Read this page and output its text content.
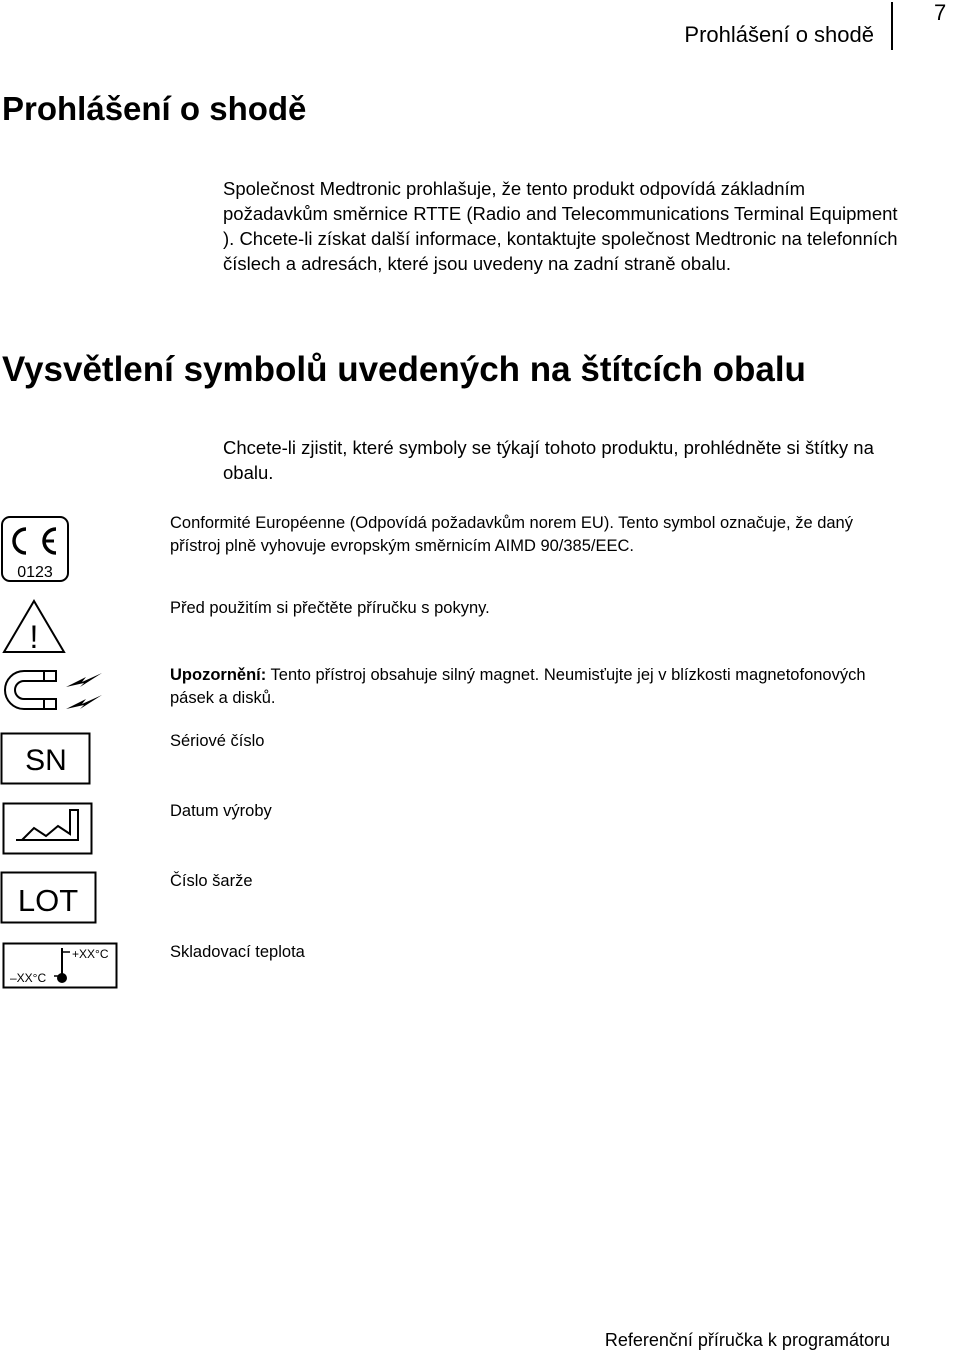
Prohlášení o shodě
7
Prohlášení o shodě
Společnost Medtronic prohlašuje, že tento produkt odpovídá základním požadavkům směrnice RTTE (Radio and Telecommunications Terminal Equipment ). Chcete-li získat další informace, kontaktujte společnost Medtronic na telefonních číslech a adresách, které jsou uvedeny na zadní straně obalu.
Vysvětlení symbolů uvedených na štítcích obalu
Chcete-li zjistit, které symboly se týkají tohoto produktu, prohlédněte si štítky na obalu.
0123
Conformité Européenne (Odpovídá požadavkům norem EU). Tento symbol označuje, že daný přístroj plně vyhovuje evropským směrnicím AIMD 90/385/EEC.
!
Před použitím si přečtěte příručku s pokyny.
Upozornění: Tento přístroj obsahuje silný magnet. Neumisťujte jej v blízkosti magnetofonových pásek a disků.
SN
Sériové číslo
Datum výroby
LOT
Číslo šarže
+XX°C
–XX°C
Skladovací teplota
Referenční příručka k programátoru
